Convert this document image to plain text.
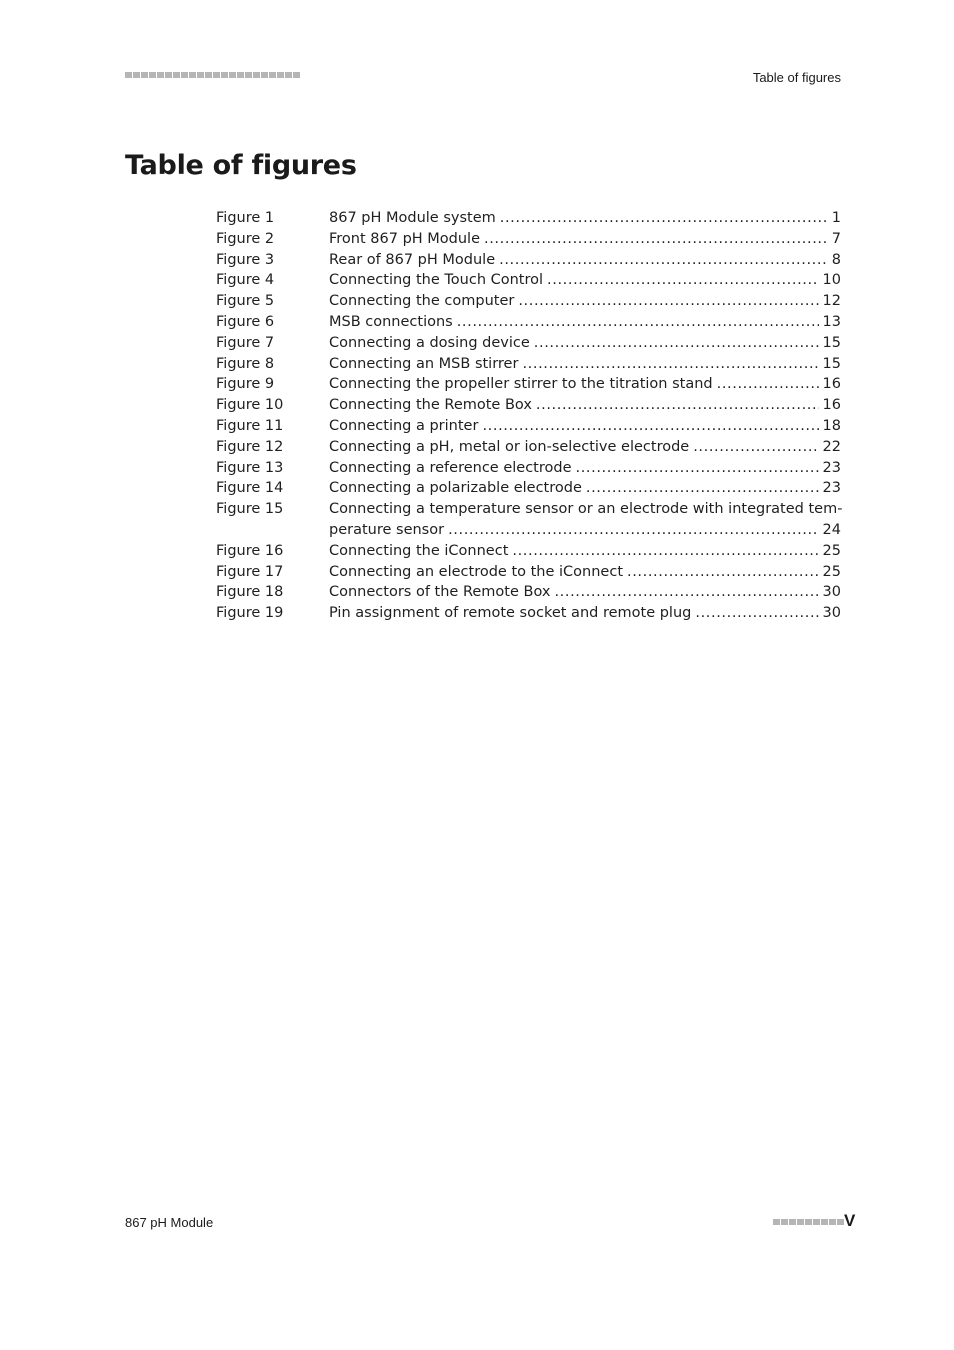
Table of figures
Table of figures
Figure 1	867 pH Module system .....	1
Figure 2	Front 867 pH Module .....	7
Figure 3	Rear of 867 pH Module .....	8
Figure 4	Connecting the Touch Control .....	10
Figure 5	Connecting the computer .....	12
Figure 6	MSB connections .....	13
Figure 7	Connecting a dosing device .....	15
Figure 8	Connecting an MSB stirrer .....	15
Figure 9	Connecting the propeller stirrer to the titration stand .....	16
Figure 10	Connecting the Remote Box .....	16
Figure 11	Connecting a printer .....	18
Figure 12	Connecting a pH, metal or ion-selective electrode .....	22
Figure 13	Connecting a reference electrode .....	23
Figure 14	Connecting a polarizable electrode .....	23
Figure 15	Connecting a temperature sensor or an electrode with integrated tem-
perature sensor .....	24
Figure 16	Connecting the iConnect .....	25
Figure 17	Connecting an electrode to the iConnect .....	25
Figure 18	Connectors of the Remote Box .....	30
Figure 19	Pin assignment of remote socket and remote plug .....	30
867 pH Module	V
